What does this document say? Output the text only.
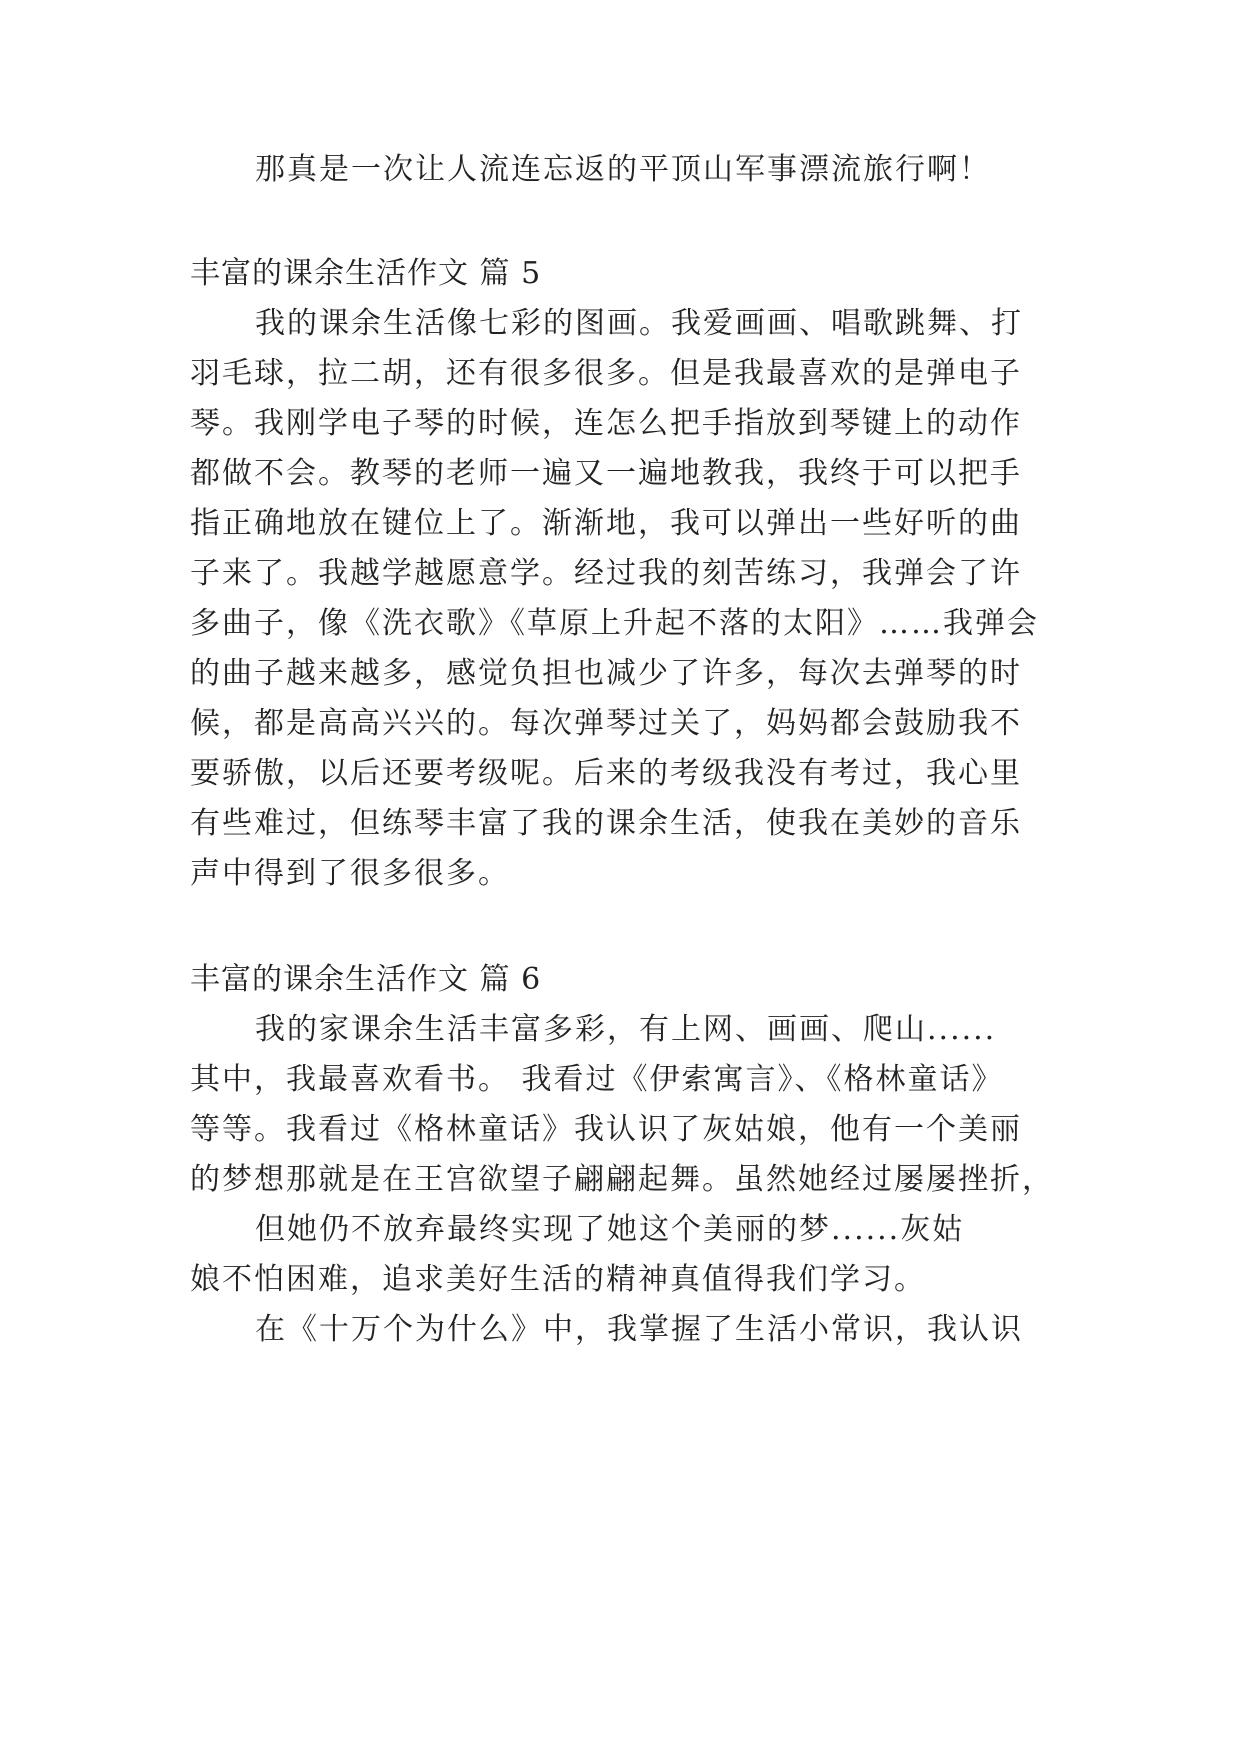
那真是一次让人流连忘返的平顶山军事漂流旅行啊！
丰富的课余生活作文 篇 5
我的课余生活像七彩的图画。我爱画画、唱歌跳舞、打
羽毛球，拉二胡，还有很多很多。但是我最喜欢的是弹电子
琴。我刚学电子琴的时候，连怎么把手指放到琴键上的动作
都做不会。教琴的老师一遍又一遍地教我，我终于可以把手
指正确地放在键位上了。渐渐地，我可以弹出一些好听的曲
子来了。我越学越愿意学。经过我的刻苦练习，我弹会了许
多曲子，像《洗衣歌》《草原上升起不落的太阳》……我弹会
的曲子越来越多，感觉负担也减少了许多，每次去弹琴的时
候，都是高高兴兴的。每次弹琴过关了，妈妈都会鼓励我不
要骄傲，以后还要考级呢。后来的考级我没有考过，我心里
有些难过，但练琴丰富了我的课余生活，使我在美妙的音乐
声中得到了很多很多。
丰富的课余生活作文 篇 6
我的家课余生活丰富多彩，有上网、画画、爬山......
其中，我最喜欢看书。 我看过《伊索寓言》、《格林童话》
等等。我看过《格林童话》我认识了灰姑娘，他有一个美丽
的梦想那就是在王宫欲望子翩翩起舞。虽然她经过屡屡挫折，
但她仍不放弃最终实现了她这个美丽的梦......灰姑
娘不怕困难，追求美好生活的精神真值得我们学习。
在《十万个为什么》中，我掌握了生活小常识，我认识
